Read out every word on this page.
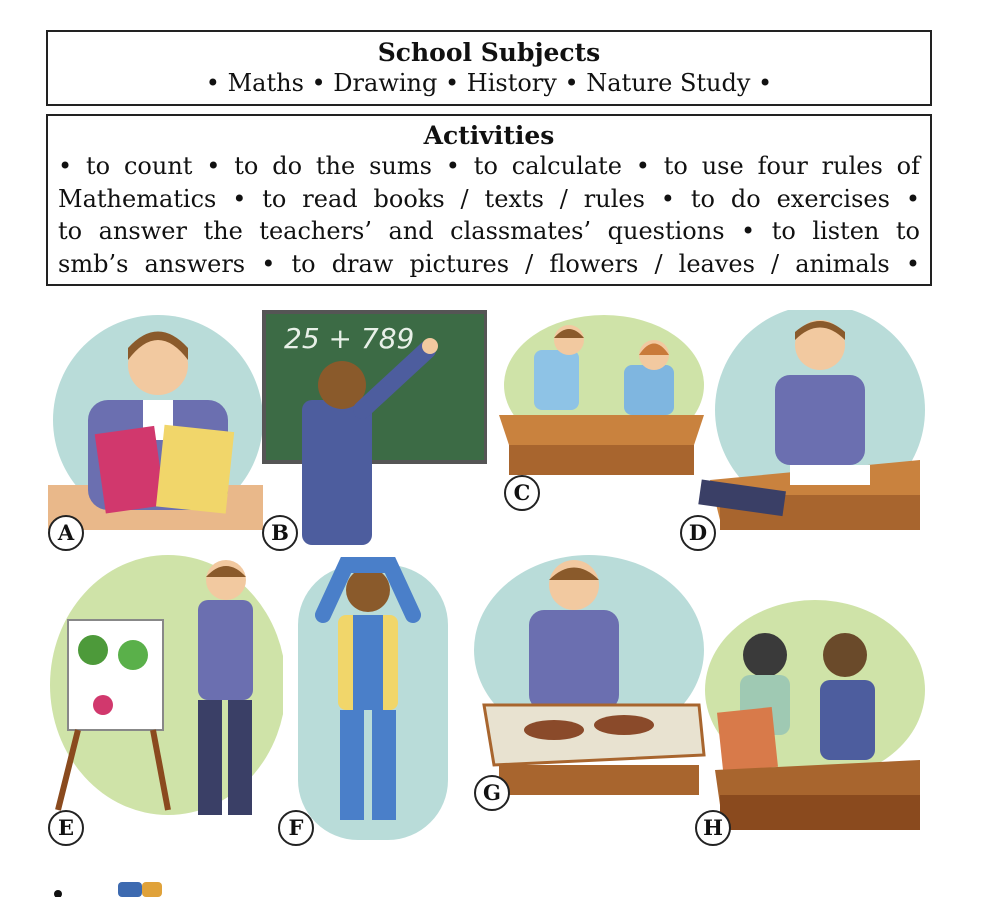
School Subjects
• Maths • Drawing • History • Nature Study •
Activities
• to count • to do the sums • to calculate • to use four rules of
Mathematics • to read books / texts / rules • to do exercises •
to answer the teachers’ and classmates’ questions • to listen to
smb’s answers • to draw pictures / flowers / leaves / animals •
A
25 + 789
B
C
D
E	F
G
H
